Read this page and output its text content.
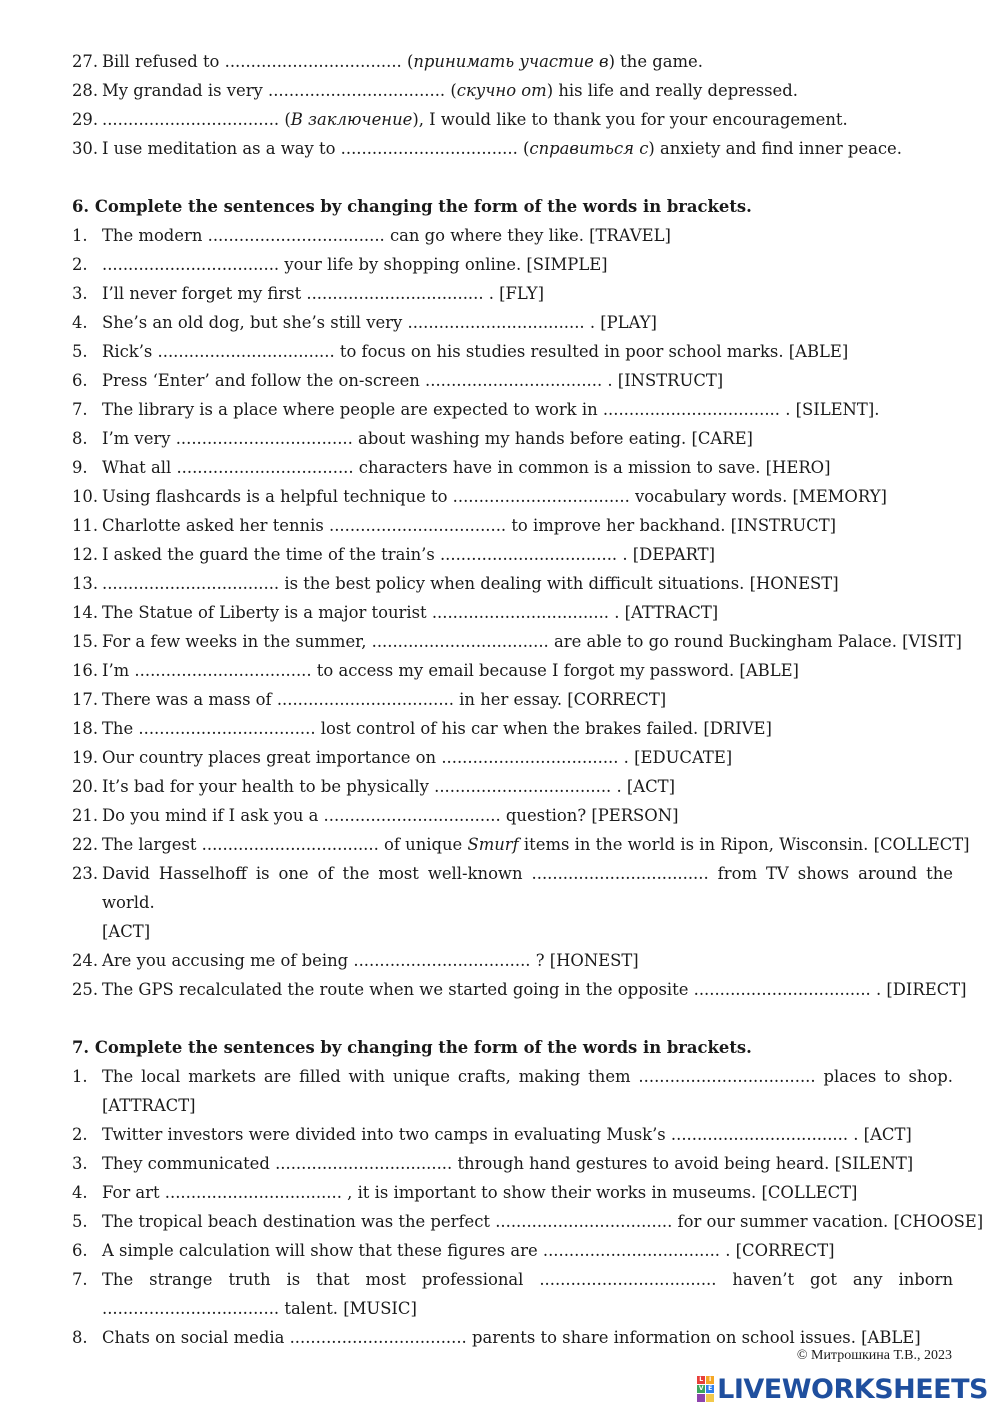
27. Bill refused to .................................. (принимать участие в) the game.
28. My grandad is very .................................. (скучно от) his life and really depressed.
29. .................................. (В заключение), I would like to thank you for your encouragement.
30. I use meditation as a way to .................................. (справиться с) anxiety and find inner peace.
6. Complete the sentences by changing the form of the words in brackets.
1. The modern .................................. can go where they like. [TRAVEL]
2. .................................. your life by shopping online. [SIMPLE]
3. I’ll never forget my first .................................. . [FLY]
4. She’s an old dog, but she’s still very .................................. . [PLAY]
5. Rick’s .................................. to focus on his studies resulted in poor school marks. [ABLE]
6. Press ‘Enter’ and follow the on-screen .................................. . [INSTRUCT]
7. The library is a place where people are expected to work in .................................. . [SILENT].
8. I’m very .................................. about washing my hands before eating. [CARE]
9. What all .................................. characters have in common is a mission to save. [HERO]
10. Using flashcards is a helpful technique to .................................. vocabulary words. [MEMORY]
11. Charlotte asked her tennis .................................. to improve her backhand. [INSTRUCT]
12. I asked the guard the time of the train’s .................................. . [DEPART]
13. .................................. is the best policy when dealing with difficult situations. [HONEST]
14. The Statue of Liberty is a major tourist .................................. . [ATTRACT]
15. For a few weeks in the summer, .................................. are able to go round Buckingham Palace. [VISIT]
16. I’m .................................. to access my email because I forgot my password. [ABLE]
17. There was a mass of .................................. in her essay. [CORRECT]
18. The .................................. lost control of his car when the brakes failed. [DRIVE]
19. Our country places great importance on .................................. . [EDUCATE]
20. It’s bad for your health to be physically .................................. . [ACT]
21. Do you mind if I ask you a .................................. question? [PERSON]
22. The largest .................................. of unique Smurf items in the world is in Ripon, Wisconsin. [COLLECT]
23. David Hasselhoff is one of the most well-known .................................. from TV shows around the world.
[ACT]
24. Are you accusing me of being .................................. ? [HONEST]
25. The GPS recalculated the route when we started going in the opposite .................................. . [DIRECT]
7. Complete the sentences by changing the form of the words in brackets.
1. The local markets are filled with unique crafts, making them .................................. places to shop.
[ATTRACT]
2. Twitter investors were divided into two camps in evaluating Musk’s .................................. . [ACT]
3. They communicated .................................. through hand gestures to avoid being heard. [SILENT]
4. For art .................................. , it is important to show their works in museums. [COLLECT]
5. The tropical beach destination was the perfect .................................. for our summer vacation. [CHOOSE]
6. A simple calculation will show that these figures are .................................. . [CORRECT]
7. The strange truth is that most professional .................................. haven’t got any inborn
.................................. talent. [MUSIC]
8. Chats on social media .................................. parents to share information on school issues. [ABLE]
© Митрошкина Т.В., 2023
L I
V E LIVEWORKSHEETS
